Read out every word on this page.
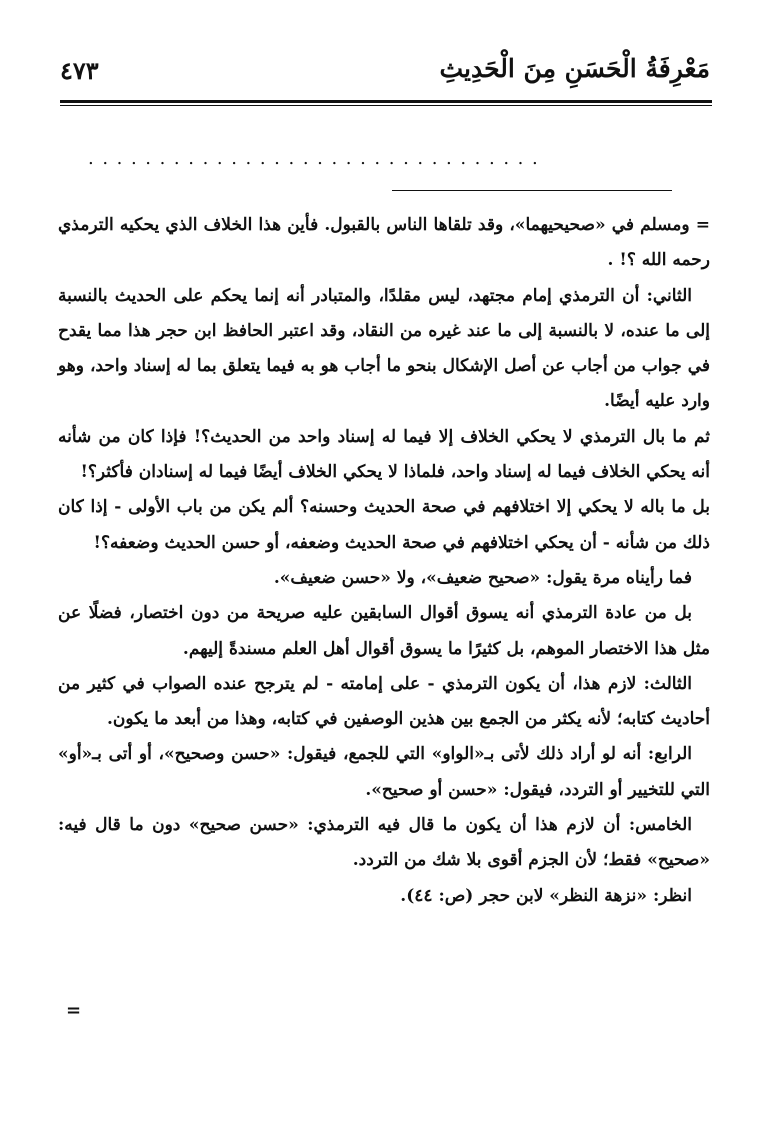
مَعْرِفَةُ الْحَسَنِ مِنَ الْحَدِيثِ
٤٧٣
................................

= ومسلم في «صحيحيهما»، وقد تلقاها الناس بالقبول. فأين هذا الخلاف الذي يحكيه الترمذي رحمه الله ؟! .

الثاني: أن الترمذي إمام مجتهد، ليس مقلدًا، والمتبادر أنه إنما يحكم على الحديث بالنسبة إلى ما عنده، لا بالنسبة إلى ما عند غيره من النقاد، وقد اعتبر الحافظ ابن حجر هذا مما يقدح في جواب من أجاب عن أصل الإشكال بنحو ما أجاب هو به فيما يتعلق بما له إسناد واحد، وهو وارد عليه أيضًا.

ثم ما بال الترمذي لا يحكي الخلاف إلا فيما له إسناد واحد من الحديث؟! فإذا كان من شأنه أنه يحكي الخلاف فيما له إسناد واحد، فلماذا لا يحكي الخلاف أيضًا فيما له إسنادان فأكثر؟!

بل ما باله لا يحكي إلا اختلافهم في صحة الحديث وحسنه؟ ألم يكن من باب الأولى - إذا كان ذلك من شأنه - أن يحكي اختلافهم في صحة الحديث وضعفه، أو حسن الحديث وضعفه؟!

فما رأيناه مرة يقول: «صحيح ضعيف»، ولا «حسن ضعيف».

بل من عادة الترمذي أنه يسوق أقوال السابقين عليه صريحة من دون اختصار، فضلًا عن مثل هذا الاختصار الموهم، بل كثيرًا ما يسوق أقوال أهل العلم مسندةً إليهم.

الثالث: لازم هذا، أن يكون الترمذي - على إمامته - لم يترجح عنده الصواب في كثير من أحاديث كتابه؛ لأنه يكثر من الجمع بين هذين الوصفين في كتابه، وهذا من أبعد ما يكون.

الرابع: أنه لو أراد ذلك لأتى بـ«الواو» التي للجمع، فيقول: «حسن وصحيح»، أو أتى بـ«أو» التي للتخيير أو التردد، فيقول: «حسن أو صحيح».

الخامس: أن لازم هذا أن يكون ما قال فيه الترمذي: «حسن صحيح» دون ما قال فيه: «صحيح» فقط؛ لأن الجزم أقوى بلا شك من التردد.

انظر: «نزهة النظر» لابن حجر (ص: ٤٤).

=
